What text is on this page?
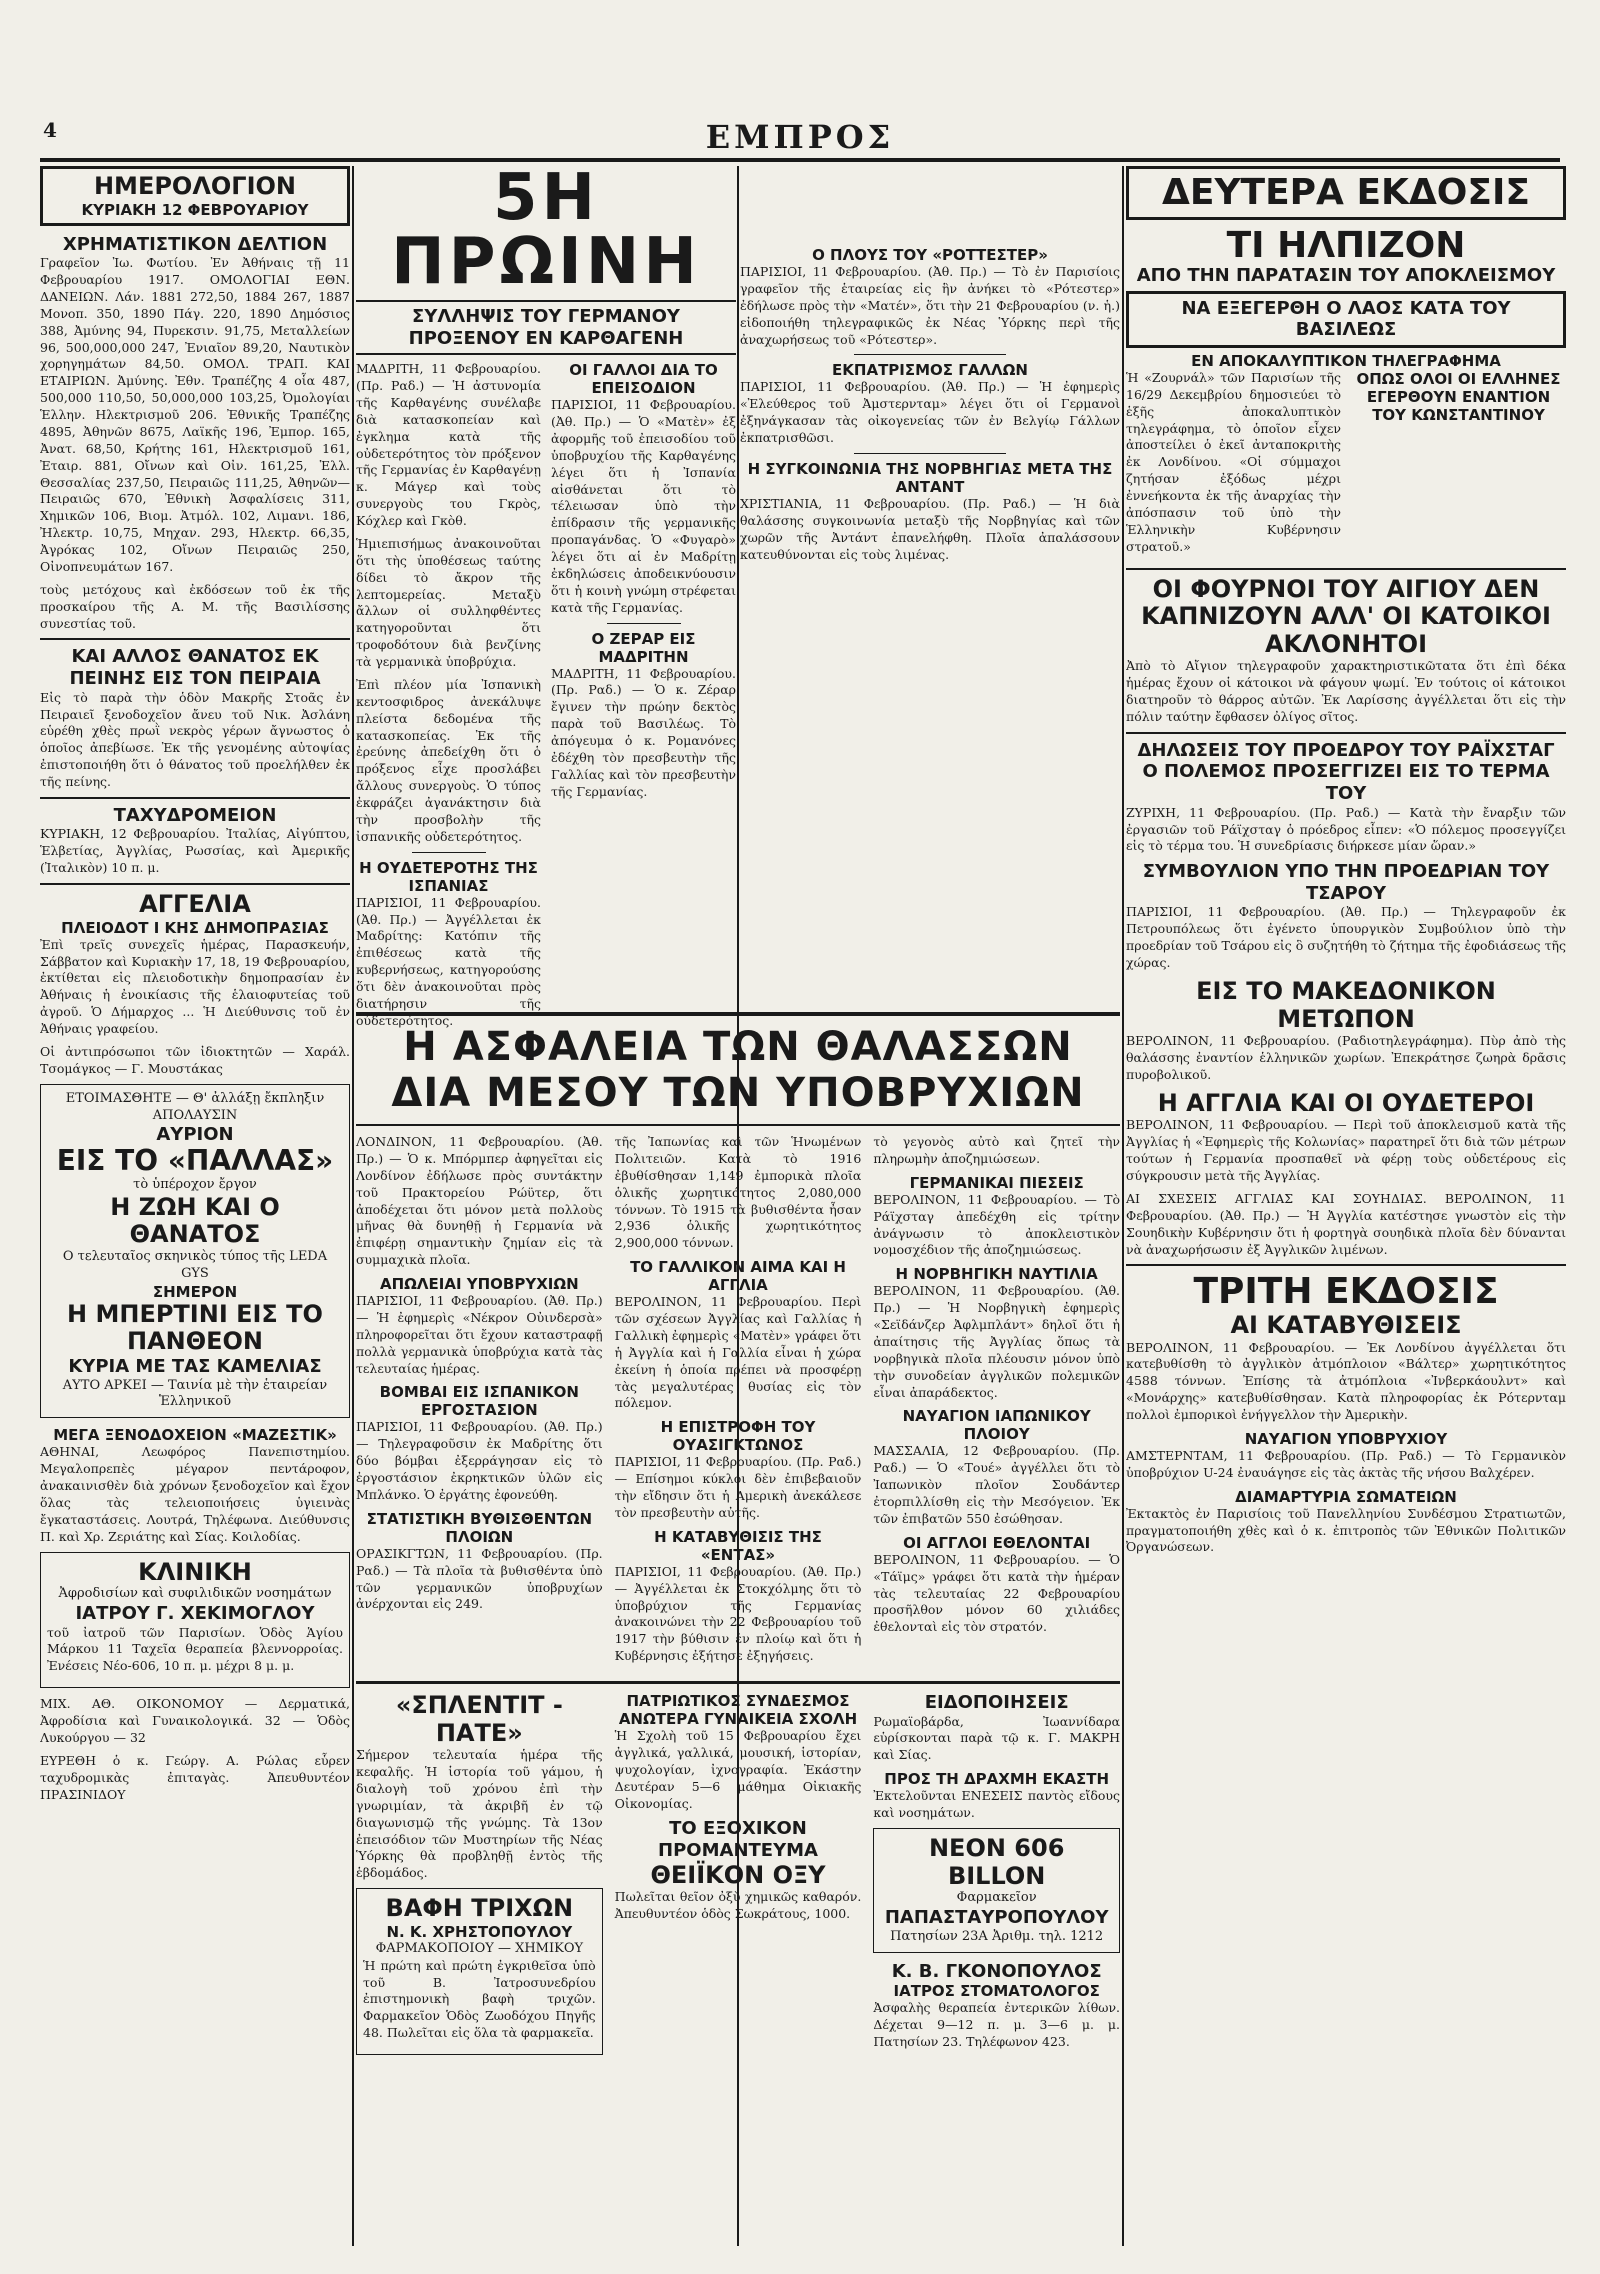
4	ΕΜΠΡΟΣ
ΗΜΕΡΟΛΟΓΙΟΝ
ΚΥΡΙΑΚΗ 12 ΦΕΒΡΟΥΑΡΙΟΥ
ΧΡΗΜΑΤΙΣΤΙΚΟΝ ΔΕΛΤΙΟΝ

Γραφεῖον Ἰω. Φωτίου. Ἐν Ἀθήναις τῇ 11 Φεβρουαρίου 1917. ΟΜΟΛΟΓΙΑΙ ΕΘΝ. ΔΑΝΕΙΩΝ. Λάν. 1881 272,50, 1884 267, 1887 Μονοπ. 350, 1890 Πάγ. 220, 1890 Δημόσιος 388, Ἀμύνης 94, Πυρεκσιν. 91,75, Μεταλλείων 96, 500,000,000 247, Ἐνιαῖον 89,20, Ναυτικὸν χορηγημάτων 84,50. ΟΜΟΛ. ΤΡΑΠ. ΚΑΙ ΕΤΑΙΡΙΩΝ. Ἀμύνης. Ἐθν. Τραπέζης 4 οἷα 487, 500,000 110,50, 50,000,000 103,25, Ὀμολογίαι Ἑλλην. Ηλεκτρισμοῦ 206. Ἐθνικῆς Τραπέζης 4895, Ἀθηνῶν 8675, Λαϊκῆς 196, Ἐμπορ. 165, Ἀνατ. 68,50, Κρήτης 161, Ηλεκτρισμοῦ 161, Ἐταιρ. 881, Οἴνων καὶ Οἰν. 161,25, Ἑλλ. Θεσσαλίας 237,50, Πειραιῶς 111,25, Ἀθηνῶν—Πειραιῶς 670, Ἐθνικὴ Ἀσφαλίσεις 311, Χημικῶν 106, Βιομ. Ἀτμόλ. 102, Λιμανι. 186, Ἠλεκτρ. 10,75, Μηχαν. 293, Ηλεκτρ. 66,35, Ἀγρόκας 102, Οἴνων Πειραιῶς 250, Οἰνοπνευμάτων 167.

τοὺς μετόχους καὶ ἐκδόσεων τοῦ ἐκ τῆς προσκαίρου τῆς Α. Μ. τῆς Βασιλίσσης συνεστίας τοῦ.

ΚΑΙ ΑΛΛΟΣ ΘΑΝΑΤΟΣ ΕΚ ΠΕΙΝΗΣ ΕΙΣ ΤΟΝ ΠΕΙΡΑΙΑ

Εἰς τὸ παρὰ τὴν ὁδὸν Μακρῆς Στοᾶς ἐν Πειραιεῖ ξενοδοχεῖον ἄνευ τοῦ Νικ. Ἀσλάνη εὑρέθη χθὲς πρωῒ νεκρὸς γέρων ἄγνωστος ὁ ὁποῖος ἀπεβίωσε. Ἐκ τῆς γενομένης αὐτοψίας ἐπιστοποιήθη ὅτι ὁ θάνατος τοῦ προελήλθεν ἐκ τῆς πείνης.

ΤΑΧΥΔΡΟΜΕΙΟΝ

ΚΥΡΙΑΚΗ, 12 Φεβρουαρίου. Ἰταλίας, Αἰγύπτου, Ἑλβετίας, Ἀγγλίας, Ρωσσίας, καὶ Ἀμερικῆς (Ἰταλικὸν) 10 π. μ.

ΑΓΓΕΛΙΑ
ΠΛΕΙΟΔΟΤ Ι ΚΗΣ ΔΗΜΟΠΡΑΣΙΑΣ

Ἐπὶ τρεῖς συνεχεῖς ἡμέρας, Παρασκευήν, Σάββατον καὶ Κυριακὴν 17, 18, 19 Φεβρουαρίου, ἐκτίθεται εἰς πλειοδοτικὴν δημοπρασίαν ἐν Ἀθήναις ἡ ἐνοικίασις τῆς ἑλαιοφυτείας τοῦ ἀγροῦ. Ὁ Δήμαρχος ... Ἡ Διεύθυνσις τοῦ ἐν Ἀθήναις γραφείου.

Οἱ ἀντιπρόσωποι τῶν ἰδιοκτητῶν — Χαράλ. Τσομάγκος — Γ. Μουστάκας

ΕΤΟΙΜΑΣΘΗΤΕ — Θ' ἀλλάξῃ ἔκπληξιν ΑΠΟΛΑΥΣΙΝ
ΑΥΡΙΟΝ
ΕΙΣ ΤΟ «ΠΑΛΛΑΣ»
τὸ ὑπέροχον ἔργον
Η ΖΩΗ ΚΑΙ Ο ΘΑΝΑΤΟΣ
Ο τελευταῖος σκηνικὸς τύπος τῆς LEDA GYS
ΣΗΜΕΡΟΝ
Η ΜΠΕΡΤΙΝΙ ΕΙΣ ΤΟ ΠΑΝΘΕΟΝ
ΚΥΡΙΑ ΜΕ ΤΑΣ ΚΑΜΕΛΙΑΣ
ΑΥΤΟ ΑΡΚΕΙ — Ταινία μὲ τὴν ἑταιρείαν Ἑλληνικοῦ
ΜΕΓΑ ΞΕΝΟΔΟΧΕΙΟΝ «ΜΑΖΕΣΤΙΚ»

ΑΘΗΝΑΙ, Λεωφόρος Πανεπιστημίου. Μεγαλοπρεπὲς μέγαρον πεντάροφον, ἀνακαινισθὲν διὰ χρόνων ξενοδοχεῖον καὶ ἔχον ὅλας τὰς τελειοποιήσεις ὑγιεινὰς ἔγκαταστάσεις. Λουτρά, Τηλέφωνα. Διεύθυνσις Π. καὶ Χρ. Ζεριάτης καὶ Σίας. Κοιλοδίας.

ΚΛΙΝΙΚΗ
Ἀφροδισίων καὶ συφιλιδικῶν νοσημάτων
ΙΑΤΡΟΥ Γ. ΧΕΚΙΜΟΓΛΟΥ

τοῦ ἰατροῦ τῶν Παρισίων. Ὁδὸς Ἁγίου Μάρκου 11 Ταχεῖα θεραπεία βλεννορροίας. Ἐνέσεις Νέο-606, 10 π. μ. μέχρι 8 μ. μ.

ΜΙΧ. ΑΘ. ΟΙΚΟΝΟΜΟΥ — Δερματικά, Ἀφροδίσια καὶ Γυναικολογικά. 32 — Ὁδὸς Λυκούργου — 32

ΕΥΡΕΘΗ ὁ κ. Γεώργ. Α. Ρώλας εὗρεν ταχυδρομικὰς ἐπιταγὰς. Ἀπευθυντέον ΠΡΑΣΙΝΙΔΟΥ

5Η ΠΡΩΙΝΗ
ΣΥΛΛΗΨΙΣ ΤΟΥ ΓΕΡΜΑΝΟΥ ΠΡΟΞΕΝΟΥ ΕΝ ΚΑΡΘΑΓΕΝΗ

ΜΑΔΡΙΤΗ, 11 Φεβρουαρίου. (Πρ. Ραδ.) — Ἡ ἀστυνομία τῆς Καρθαγένης συνέλαβε διὰ κατασκοπείαν καὶ ἐγκλημα κατὰ τῆς οὐδετερότητος τὸν πρόξενον τῆς Γερμανίας ἐν Καρθαγένῃ κ. Μάγερ καὶ τοὺς συνεργοὺς του Γκρὸς, Κόχλερ καὶ Γκὸθ.

Ἡμιεπισήμως ἀνακοινοῦται ὅτι τὴς ὑποθέσεως ταύτης δίδει τὸ ἄκρον τῆς λεπτομερείας. Μεταξὺ ἄλλων οἱ συλληφθέντες κατηγοροῦνται ὅτι τροφοδότουν διὰ βενζίνης τὰ γερμανικὰ ὑποβρύχια.

Ἐπὶ πλέον μία Ἰσπανικὴ κεντοσφιδρος ἀνεκάλυψε πλείστα δεδομένα τῆς κατασκοπείας. Ἐκ τῆς ἐρεύνης ἀπεδείχθη ὅτι ὁ πρόξενος εἶχε προσλάβει ἄλλους συνεργοὺς. Ὁ τύπος ἐκφράζει ἀγανάκτησιν διὰ τὴν προσβολὴν τῆς ἰσπανικῆς οὐδετερότητος.

Η ΟΥΔΕΤΕΡΟΤΗΣ ΤΗΣ ΙΣΠΑΝΙΑΣ

ΠΑΡΙΣΙΟΙ, 11 Φεβρουαρίου. (Ἀθ. Πρ.) — Ἀγγέλλεται ἐκ Μαδρίτης: Κατόπιν τῆς ἐπιθέσεως κατὰ τῆς κυβερνήσεως, κατηγορούσης ὅτι δὲν ἀνακοινοῦται πρὸς διατήρησιν τῆς οὐδετερότητος.

ΟΙ ΓΑΛΛΟΙ ΔΙΑ ΤΟ ΕΠΕΙΣΟΔΙΟΝ

ΠΑΡΙΣΙΟΙ, 11 Φεβρουαρίου. (Ἀθ. Πρ.) — Ὁ «Ματὲν» ἐξ ἀφορμῆς τοῦ ἐπεισοδίου τοῦ ὑποβρυχίου τῆς Καρθαγένης λέγει ὅτι ἡ Ἰσπανία αἰσθάνεται ὅτι τὸ τέλειωσαν ὑπὸ τὴν ἐπίδρασιν τῆς γερμανικῆς προπαγάνδας. Ὁ «Φυγαρὸ» λέγει ὅτι αἱ ἐν Μαδρίτῃ ἐκδηλώσεις ἀποδεικνύουσιν ὅτι ἡ κοινὴ γνώμη στρέφεται κατὰ τῆς Γερμανίας.

Ο ΖΕΡΑΡ ΕΙΣ ΜΑΔΡΙΤΗΝ

ΜΑΔΡΙΤΗ, 11 Φεβρουαρίου. (Πρ. Ραδ.) — Ὁ κ. Ζέραρ ἔγινεν τὴν πρώην δεκτὸς παρὰ τοῦ Βασιλέως. Τὸ ἀπόγευμα ὁ κ. Ρομανόνες ἐδέχθη τὸν πρεσβευτὴν τῆς Γαλλίας καὶ τὸν πρεσβευτὴν τῆς Γερμανίας.

Ο ΠΛΟΥΣ ΤΟΥ «ΡΟΤΤΕΣΤΕΡ»

ΠΑΡΙΣΙΟΙ, 11 Φεβρουαρίου. (Ἀθ. Πρ.) — Τὸ ἐν Παρισίοις γραφεῖον τῆς ἑταιρείας εἰς ἣν ἀνήκει τὸ «Ρότεστερ» ἐδήλωσε πρὸς τὴν «Ματέν», ὅτι τὴν 21 Φεβρουαρίου (ν. ἡ.) εἰδοποιήθη τηλεγραφικῶς ἐκ Νέας Ὑόρκης περὶ τῆς ἀναχωρήσεως τοῦ «Ρότεστερ».

ΕΚΠΑΤΡΙΣΜΟΣ ΓΑΛΛΩΝ

ΠΑΡΙΣΙΟΙ, 11 Φεβρουαρίου. (Ἀθ. Πρ.) — Ἡ ἐφημερὶς «Ἐλεύθερος τοῦ Ἀμστερνταμ» λέγει ὅτι οἱ Γερμανοὶ ἐξηνάγκασαν τὰς οἰκογενείας τῶν ἐν Βελγίῳ Γάλλων ἐκπατρισθῶσι.

Η ΣΥΓΚΟΙΝΩΝΙΑ ΤΗΣ ΝΟΡΒΗΓΙΑΣ ΜΕΤΑ ΤΗΣ ΑΝΤΑΝΤ

ΧΡΙΣΤΙΑΝΙΑ, 11 Φεβρουαρίου. (Πρ. Ραδ.) — Ἡ διὰ θαλάσσης συγκοινωνία μεταξὺ τῆς Νορβηγίας καὶ τῶν χωρῶν τῆς Ἀντάντ ἐπανελήφθη. Πλοῖα ἀπαλάσσουν κατευθύνονται εἰς τοὺς λιμένας.

Η ΑΣΦΑΛΕΙΑ ΤΩΝ ΘΑΛΑΣΣΩΝ ΔΙΑ ΜΕΣΟΥ ΤΩΝ ΥΠΟΒΡΥΧΙΩΝ

ΛΟΝΔΙΝΟΝ, 11 Φεβρουαρίου. (Ἀθ. Πρ.) — Ὁ κ. Μπόρμπερ ἀφηγεῖται εἰς Λονδίνον ἐδήλωσε πρὸς συντάκτην τοῦ Πρακτορείου Ρώϋτερ, ὅτι ἀποδέχεται ὅτι μόνον μετὰ πολλοὺς μῆνας θὰ δυνηθῇ ἡ Γερμανία νὰ ἐπιφέρῃ σημαντικὴν ζημίαν εἰς τὰ συμμαχικὰ πλοῖα.

ΑΠΩΛΕΙΑΙ ΥΠΟΒΡΥΧΙΩΝ

ΠΑΡΙΣΙΟΙ, 11 Φεβρουαρίου. (Ἀθ. Πρ.) — Ἡ ἐφημερὶς «Νέκρον Οὐινδερσὰ» πληροφορεῖται ὅτι ἔχουν καταστραφῇ πολλὰ γερμανικὰ ὑποβρύχια κατὰ τὰς τελευταίας ἡμέρας.

ΒΟΜΒΑΙ ΕΙΣ ΙΣΠΑΝΙΚΟΝ ΕΡΓΟΣΤΑΣΙΟΝ

ΠΑΡΙΣΙΟΙ, 11 Φεβρουαρίου. (Ἀθ. Πρ.) — Τηλεγραφοῦσιν ἐκ Μαδρίτης ὅτι δύο βόμβαι ἐξερράγησαν εἰς τὸ ἐργοστάσιον ἐκρηκτικῶν ὑλῶν εἰς Μπλάνκο. Ὁ ἐργάτης ἐφονεύθη.

ΣΤΑΤΙΣΤΙΚΗ ΒΥΘΙΣΘΕΝΤΩΝ ΠΛΟΙΩΝ

ΟΡΑΣΙΚΓΤΩΝ, 11 Φεβρουαρίου. (Πρ. Ραδ.) — Τὰ πλοῖα τὰ βυθισθέντα ὑπὸ τῶν γερμανικῶν ὑποβρυχίων ἀνέρχονται εἰς 249.

τῆς Ἰαπωνίας καὶ τῶν Ἡνωμένων Πολιτειῶν. Κατὰ τὸ 1916 ἐβυθίσθησαν 1,149 ἐμπορικὰ πλοῖα ὁλικῆς χωρητικότητος 2,080,000 τόννων. Τὸ 1915 τὰ βυθισθέντα ἦσαν 2,936 ὁλικῆς χωρητικότητος 2,900,000 τόννων.

ΤΟ ΓΑΛΛΙΚΟΝ ΑΙΜΑ ΚΑΙ Η ΑΓΓΛΙΑ

ΒΕΡΟΛΙΝΟΝ, 11 Φεβρουαρίου. Περὶ τῶν σχέσεων Ἀγγλίας καὶ Γαλλίας ἡ Γαλλικὴ ἐφημερὶς «Ματὲν» γράφει ὅτι ἡ Ἀγγλία καὶ ἡ Γαλλία εἶναι ἡ χώρα ἐκείνη ἡ ὁποία πρέπει νὰ προσφέρῃ τὰς μεγαλυτέρας θυσίας εἰς τὸν πόλεμον.

Η ΕΠΙΣΤΡΟΦΗ ΤΟΥ ΟΥΑΣΙΓΚΤΩΝΟΣ

ΠΑΡΙΣΙΟΙ, 11 Φεβρουαρίου. (Πρ. Ραδ.) — Επίσημοι κύκλοι δὲν ἐπιβεβαιοῦν τὴν εἴδησιν ὅτι ἡ Ἀμερικὴ ἀνεκάλεσε τὸν πρεσβευτὴν αὐτῆς.

Η ΚΑΤΑΒΥΘΙΣΙΣ ΤΗΣ «ΕΝΤΑΣ»

ΠΑΡΙΣΙΟΙ, 11 Φεβρουαρίου. (Ἀθ. Πρ.) — Ἀγγέλλεται ἐκ Στοκχόλμης ὅτι τὸ ὑποβρύχιον τῆς Γερμανίας ἀνακοινώνει τὴν 22 Φεβρουαρίου τοῦ 1917 τὴν βύθισιν ἐν πλοίῳ καὶ ὅτι ἡ Κυβέρνησις ἐξήτησε ἐξηγήσεις.

τὸ γεγονὸς αὐτὸ καὶ ζητεῖ τὴν πληρωμὴν ἀποζημιώσεων.

ΓΕΡΜΑΝΙΚΑΙ ΠΙΕΣΕΙΣ

ΒΕΡΟΛΙΝΟΝ, 11 Φεβρουαρίου. — Τὸ Ράϊχσταγ ἀπεδέχθη εἰς τρίτην ἀνάγνωσιν τὸ ἀποκλειστικὸν νομοσχέδιον τῆς ἀποζημιώσεως.

Η ΝΟΡΒΗΓΙΚΗ ΝΑΥΤΙΛΙΑ

ΒΕΡΟΛΙΝΟΝ, 11 Φεβρουαρίου. (Ἀθ. Πρ.) — Ἡ Νορβηγικὴ ἐφημερὶς «Σεϊδάνζερ Ἀφλμπλάντ» δηλοῖ ὅτι ἡ ἀπαίτησις τῆς Ἀγγλίας ὅπως τὰ νορβηγικὰ πλοῖα πλέουσιν μόνον ὑπὸ τὴν συνοδείαν ἀγγλικῶν πολεμικῶν εἶναι ἀπαράδεκτος.

ΝΑΥΑΓΙΟΝ ΙΑΠΩΝΙΚΟΥ ΠΛΟΙΟΥ

ΜΑΣΣΑΛΙΑ, 12 Φεβρουαρίου. (Πρ. Ραδ.) — Ὁ «Τουέ» ἀγγέλλει ὅτι τὸ Ἰαπωνικὸν πλοῖον Σουδάντερ ἐτορπιλλίσθη εἰς τὴν Μεσόγειον. Ἐκ τῶν ἐπιβατῶν 550 ἐσώθησαν.

ΟΙ ΑΓΓΛΟΙ ΕΘΕΛΟΝΤΑΙ

ΒΕΡΟΛΙΝΟΝ, 11 Φεβρουαρίου. — Ὁ «Τάϊμς» γράφει ὅτι κατὰ τὴν ἡμέραν τὰς τελευταίας 22 Φεβρουαρίου προσῆλθον μόνον 60 χιλιάδες ἐθελονταὶ εἰς τὸν στρατόν.

«ΣΠΛΕΝΤΙΤ - ΠΑΤΕ»

Σήμερον τελευταία ἡμέρα τῆς κεφαλῆς. Ἡ ἱστορία τοῦ γάμου, ἡ διαλογὴ τοῦ χρόνου ἐπὶ τὴν γνωριμίαν, τὰ ἀκριβῆ ἐν τῷ διαγωνισμῷ τῆς γνώμης. Τὰ 13ον ἐπεισόδιον τῶν Μυστηρίων τῆς Νέας Ὑόρκης θὰ προβληθῇ ἐντὸς τῆς ἑβδομάδος.

ΒΑΦΗ ΤΡΙΧΩΝ
Ν. Κ. ΧΡΗΣΤΟΠΟΥΛΟΥ
ΦΑΡΜΑΚΟΠΟΙΟΥ — ΧΗΜΙΚΟΥ

Ἡ πρώτη καὶ πρώτη ἐγκριθεῖσα ὑπὸ τοῦ Β. Ἰατροσυνεδρίου ἐπιστημονικὴ βαφὴ τριχῶν. Φαρμακεῖον Ὁδὸς Ζωοδόχου Πηγῆς 48. Πωλεῖται εἰς ὅλα τὰ φαρμακεῖα.

ΠΑΤΡΙΩΤΙΚΟΣ ΣΥΝΔΕΣΜΟΣ
ΑΝΩΤΕΡΑ ΓΥΝΑΙΚΕΙΑ ΣΧΟΛΗ

Ἡ Σχολὴ τοῦ 15 Φεβρουαρίου ἔχει ἀγγλικά, γαλλικά, μουσική, ἱστορίαν, ψυχολογίαν, ἰχνογραφία. Ἐκάστην Δευτέραν 5—6 μάθημα Οἰκιακῆς Οἰκονομίας.

ΤΟ ΕΞΟΧΙΚΟΝ ΠΡΟΜΑΝΤΕΥΜΑ
ΘΕΙΪΚΟΝ ΟΞΥ

Πωλεῖται θεῖον ὀξὺ χημικῶς καθαρόν. Ἀπευθυντέον ὁδὸς Σωκράτους, 1000.

ΕΙΔΟΠΟΙΗΣΕΙΣ

Ρωμαϊοβάρδα, Ἰωαννίδαρα εὑρίσκονται παρὰ τῷ κ. Γ. ΜΑΚΡΗ καὶ Σίας.

ΠΡΟΣ ΤΗ ΔΡΑΧΜΗ ΕΚΑΣΤΗ

Ἐκτελοῦνται ΕΝΕΣΕΙΣ παντὸς εἴδους καὶ νοσημάτων.

ΝΕΟΝ 606 BILLON
Φαρμακεῖον
ΠΑΠΑΣΤΑΥΡΟΠΟΥΛΟΥ
Πατησίων 23Α Ἀριθμ. τηλ. 1212
Κ. Β. ΓΚΟΝΟΠΟΥΛΟΣ
ΙΑΤΡΟΣ ΣΤΟΜΑΤΟΛΟΓΟΣ

Ἀσφαλὴς θεραπεία ἐντερικῶν λίθων. Δέχεται 9—12 π. μ. 3—6 μ. μ. Πατησίων 23. Τηλέφωνον 423.

ΔΕΥΤΕΡΑ ΕΚΔΟΣΙΣ
ΤΙ ΗΛΠΙΖΟΝ
ΑΠΟ ΤΗΝ ΠΑΡΑΤΑΣΙΝ ΤΟΥ ΑΠΟΚΛΕΙΣΜΟΥ
ΝΑ ΕΞΕΓΕΡΘΗ Ο ΛΑΟΣ ΚΑΤΑ ΤΟΥ ΒΑΣΙΛΕΩΣ
ΕΝ ΑΠΟΚΑΛΥΠΤΙΚΟΝ ΤΗΛΕΓΡΑΦΗΜΑ

Ἡ «Ζουρνάλ» τῶν Παρισίων τῆς 16/29 Δεκεμβρίου δημοσιεύει τὸ ἑξῆς ἀποκαλυπτικὸν τηλεγράφημα, τὸ ὁποῖον εἶχεν ἀποστείλει ὁ ἐκεῖ ἀνταποκριτὴς ἐκ Λονδίνου. «Οἱ σύμμαχοι ζητήσαν ἐξόδως μέχρι ἐννεήκοντα ἐκ τῆς ἀναρχίας τὴν ἀπόσπασιν τοῦ ὑπὸ τὴν Ἑλληνικὴν Κυβέρνησιν στρατοῦ.»

ΟΠΩΣ ΟΛΟΙ ΟΙ ΕΛΛΗΝΕΣ ΕΓΕΡΘΟΥΝ ΕΝΑΝΤΙΟΝ ΤΟΥ ΚΩΝΣΤΑΝΤΙΝΟΥ
ΟΙ ΦΟΥΡΝΟΙ ΤΟΥ ΑΙΓΙΟΥ ΔΕΝ ΚΑΠΝΙΖΟΥΝ ΑΛΛ' ΟΙ ΚΑΤΟΙΚΟΙ ΑΚΛΟΝΗΤΟΙ

Ἀπὸ τὸ Αἴγιον τηλεγραφοῦν χαρακτηριστικῶτατα ὅτι ἐπὶ δέκα ἡμέρας ἔχουν οἱ κάτοικοι νὰ φάγουν ψωμί. Ἐν τούτοις οἱ κάτοικοι διατηροῦν τὸ θάρρος αὐτῶν. Ἐκ Λαρίσσης ἀγγέλλεται ὅτι εἰς τὴν πόλιν ταύτην ἔφθασεν ὀλίγος σῖτος.

ΔΗΛΩΣΕΙΣ ΤΟΥ ΠΡΟΕΔΡΟΥ ΤΟΥ ΡΑΪΧΣΤΑΓ
Ο ΠΟΛΕΜΟΣ ΠΡΟΣΕΓΓΙΖΕΙ ΕΙΣ ΤΟ ΤΕΡΜΑ ΤΟΥ

ΖΥΡΙΧΗ, 11 Φεβρουαρίου. (Πρ. Ραδ.) — Κατὰ τὴν ἔναρξιν τῶν ἐργασιῶν τοῦ Ράϊχσταγ ὁ πρόεδρος εἶπεν: «Ὁ πόλεμος προσεγγίζει εἰς τὸ τέρμα του. Ἡ συνεδρίασις διήρκεσε μίαν ὥραν.»

ΣΥΜΒΟΥΛΙΟΝ ΥΠΟ ΤΗΝ ΠΡΟΕΔΡΙΑΝ ΤΟΥ ΤΣΑΡΟΥ

ΠΑΡΙΣΙΟΙ, 11 Φεβρουαρίου. (Ἀθ. Πρ.) — Τηλεγραφοῦν ἐκ Πετρουπόλεως ὅτι ἐγένετο ὑπουργικὸν Συμβούλιον ὑπὸ τὴν προεδρίαν τοῦ Τσάρου εἰς ὃ συζητήθη τὸ ζήτημα τῆς ἐφοδιάσεως τῆς χώρας.

ΕΙΣ ΤΟ ΜΑΚΕΔΟΝΙΚΟΝ ΜΕΤΩΠΟΝ

ΒΕΡΟΛΙΝΟΝ, 11 Φεβρουαρίου. (Ραδιοτηλεγράφημα). Πὺρ ἀπὸ τὴς θαλάσσης ἐναντίον ἑλληνικῶν χωρίων. Ἐπεκράτησε ζωηρὰ δρᾶσις πυροβολικοῦ.

Η ΑΓΓΛΙΑ ΚΑΙ ΟΙ ΟΥΔΕΤΕΡΟΙ

ΒΕΡΟΛΙΝΟΝ, 11 Φεβρουαρίου. — Περὶ τοῦ ἀποκλεισμοῦ κατὰ τῆς Ἀγγλίας ἡ «Ἐφημερὶς τῆς Κολωνίας» παρατηρεῖ ὅτι διὰ τῶν μέτρων τούτων ἡ Γερμανία προσπαθεῖ νὰ φέρῃ τοὺς οὐδετέρους εἰς σύγκρουσιν μετὰ τῆς Ἀγγλίας.

ΑΙ ΣΧΕΣΕΙΣ ΑΓΓΛΙΑΣ ΚΑΙ ΣΟΥΗΔΙΑΣ. ΒΕΡΟΛΙΝΟΝ, 11 Φεβρουαρίου. (Ἀθ. Πρ.) — Ἡ Ἀγγλία κατέστησε γνωστὸν εἰς τὴν Σουηδικὴν Κυβέρνησιν ὅτι ἡ φορτηγὰ σουηδικὰ πλοῖα δὲν δύνανται νὰ ἀναχωρήσωσιν ἐξ Ἀγγλικῶν λιμένων.

ΤΡΙΤΗ ΕΚΔΟΣΙΣ
ΑΙ ΚΑΤΑΒΥΘΙΣΕΙΣ

ΒΕΡΟΛΙΝΟΝ, 11 Φεβρουαρίου. — Ἐκ Λονδίνου ἀγγέλλεται ὅτι κατεβυθίσθη τὸ ἀγγλικὸν ἀτμόπλοιον «Βάλτερ» χωρητικότητος 4588 τόννων. Ἐπίσης τὰ ἀτμόπλοια «Ἰνβερκάουλντ» καὶ «Μονάρχης» κατεβυθίσθησαν. Κατὰ πληροφορίας ἐκ Ρότερνταμ πολλοὶ ἐμπορικοὶ ἐνήγγελλον τὴν Ἀμερικὴν.

ΝΑΥΑΓΙΟΝ ΥΠΟΒΡΥΧΙΟΥ

ΑΜΣΤΕΡΝΤΑΜ, 11 Φεβρουαρίου. (Πρ. Ραδ.) — Τὸ Γερμανικὸν ὑποβρύχιον U-24 ἐναυάγησε εἰς τὰς ἀκτὰς τῆς νήσου Βαλχέρεν.

ΔΙΑΜΑΡΤΥΡΙΑ ΣΩΜΑΤΕΙΩΝ

Ἐκτακτὸς ἐν Παρισίοις τοῦ Πανελληνίου Συνδέσμου Στρατιωτῶν, πραγματοποιήθη χθὲς καὶ ὁ κ. ἐπιτροπὸς τῶν Ἐθνικῶν Πολιτικῶν Ὀργανώσεων.
